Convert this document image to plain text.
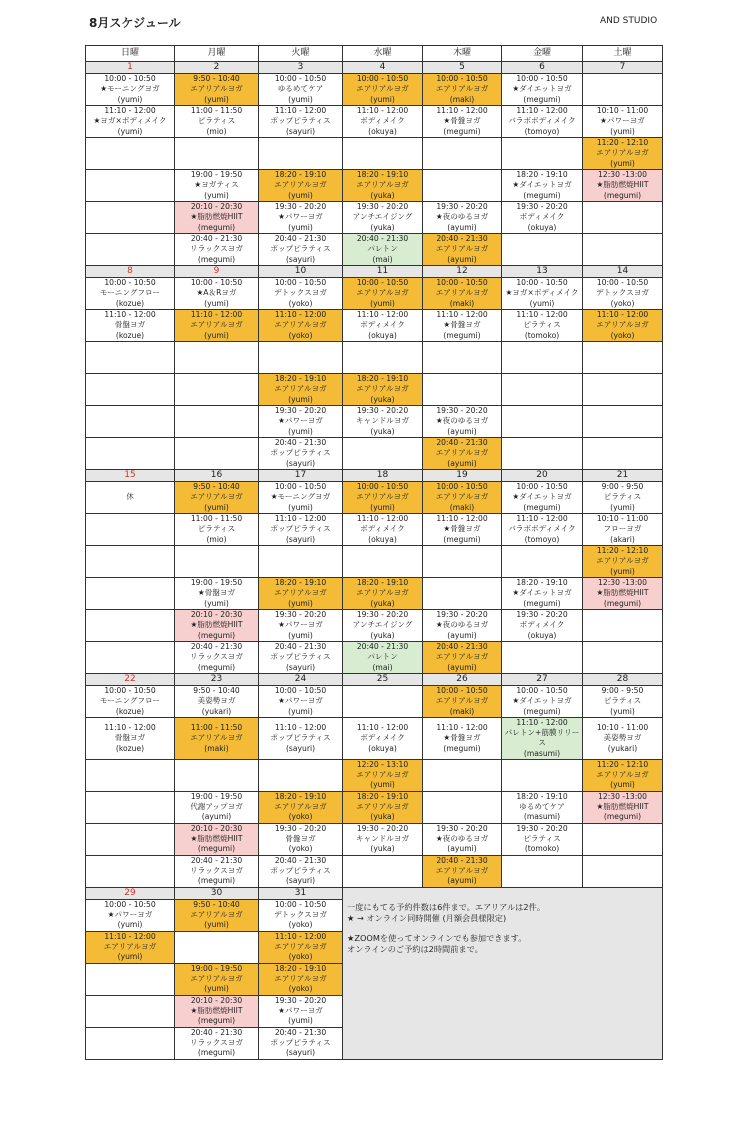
8月スケジュール	AND STUDIO
日曜	月曜	火曜	水曜	木曜	金曜	土曜
1	2	3	4	5	6	7

10:00 - 10:50
★モーニングヨガ
(yumi)	9:50 - 10:40
エアリアルヨガ
(yumi)	10:00 - 10:50
ゆるめてケア
(yumi)	10:00 - 10:50
エアリアルヨガ
(yumi)	10:00 - 10:50
エアリアルヨガ
(maki)	10:00 - 10:50
★ダイエットヨガ
(megumi)	

11:10 - 12:00
★ヨガ×ボディメイク
(yumi)	11:00 - 11:50
ピラティス
(mio)	11:10 - 12:00
ポップピラティス
(sayuri)	11:10 - 12:00
ボディメイク
(okuya)	11:10 - 12:00
★骨盤ヨガ
(megumi)	11:10 - 12:00
バラボボディメイク
(tomoyo)	10:10 - 11:00
★パワーヨガ
(yumi)

						11:20 - 12:10
エアリアルヨガ
(yumi)

	19:00 - 19:50
★ヨガティス
(yumi)	18:20 - 19:10
エアリアルヨガ
(yumi)	18:20 - 19:10
エアリアルヨガ
(yuka)		18:20 - 19:10
★ダイエットヨガ
(megumi)	12:30 -13:00
★脂肪燃焼HIIT
(megumi)

	20:10 - 20:30
★脂肪燃焼HIIT
(megumi)	19:30 - 20:20
★パワーヨガ
(yumi)	19:30 - 20:20
アンチエイジング
(yuka)	19:30 - 20:20
★夜のゆるヨガ
(ayumi)	19:30 - 20:20
ボディメイク
(okuya)	

	20:40 - 21:30
リラックスヨガ
(megumi)	20:40 - 21:30
ポップピラティス
(sayuri)	20:40 - 21:30
パレトン
(mai)	20:40 - 21:30
エアリアルヨガ
(ayumi)		

8	9	10	11	12	13	14

10:00 - 10:50
モーニングフロー
(kozue)	10:00 - 10:50
★A＆Rヨガ
(yumi)	10:00 - 10:50
デトックスヨガ
(yoko)	10:00 - 10:50
エアリアルヨガ
(yumi)	10:00 - 10:50
エアリアルヨガ
(maki)	10:00 - 10:50
★ヨガ×ボディメイク
(yumi)	10:00 - 10:50
デトックスヨガ
(yoko)

11:10 - 12:00
骨盤ヨガ
(kozue)	11:10 - 12:00
エアリアルヨガ
(yumi)	11:10 - 12:00
エアリアルヨガ
(yoko)	11:10 - 12:00
ボディメイク
(okuya)	11:10 - 12:00
★骨盤ヨガ
(megumi)	11:10 - 12:00
ピラティス
(tomoko)	11:10 - 12:00
エアリアルヨガ
(yoko)

		18:20 - 19:10
エアリアルヨガ
(yumi)	18:20 - 19:10
エアリアルヨガ
(yuka)			

		19:30 - 20:20
★パワーヨガ
(yumi)	19:30 - 20:20
キャンドルヨガ
(yuka)	19:30 - 20:20
★夜のゆるヨガ
(ayumi)		

		20:40 - 21:30
ポップピラティス
(sayuri)		20:40 - 21:30
エアリアルヨガ
(ayumi)		

15	16	17	18	19	20	21

休	9:50 - 10:40
エアリアルヨガ
(yumi)	10:00 - 10:50
★モーニングヨガ
(yumi)	10:00 - 10:50
エアリアルヨガ
(yumi)	10:00 - 10:50
エアリアルヨガ
(maki)	10:00 - 10:50
★ダイエットヨガ
(megumi)	9:00 - 9:50
ピラティス
(yumi)

	11:00 - 11:50
ピラティス
(mio)	11:10 - 12:00
ポップピラティス
(sayuri)	11:10 - 12:00
ボディメイク
(okuya)	11:10 - 12:00
★骨盤ヨガ
(megumi)	11:10 - 12:00
バラボボディメイク
(tomoyo)	10:10 - 11:00
フローヨガ
(akari)

						11:20 - 12:10
エアリアルヨガ
(yumi)

	19:00 - 19:50
★骨盤ヨガ
(yumi)	18:20 - 19:10
エアリアルヨガ
(yumi)	18:20 - 19:10
エアリアルヨガ
(yuka)		18:20 - 19:10
★ダイエットヨガ
(megumi)	12:30 -13:00
★脂肪燃焼HIIT
(megumi)

	20:10 - 20:30
★脂肪燃焼HIIT
(megumi)	19:30 - 20:20
★パワーヨガ
(yumi)	19:30 - 20:20
アンチエイジング
(yuka)	19:30 - 20:20
★夜のゆるヨガ
(ayumi)	19:30 - 20:20
ボディメイク
(okuya)	

	20:40 - 21:30
リラックスヨガ
(megumi)	20:40 - 21:30
ポップピラティス
(sayuri)	20:40 - 21:30
パレトン
(mai)	20:40 - 21:30
エアリアルヨガ
(ayumi)		

22	23	24	25	26	27	28

10:00 - 10:50
モーニングフロー
(kozue)	9:50 - 10:40
美姿勢ヨガ
(yukari)	10:00 - 10:50
★パワーヨガ
(yumi)		10:00 - 10:50
エアリアルヨガ
(maki)	10:00 - 10:50
★ダイエットヨガ
(megumi)	9:00 - 9:50
ピラティス
(yumi)

11:10 - 12:00
骨盤ヨガ
(kozue)	11:00 - 11:50
エアリアルヨガ
(maki)	11:10 - 12:00
ポップピラティス
(sayuri)	11:10 - 12:00
ボディメイク
(okuya)	11:10 - 12:00
★骨盤ヨガ
(megumi)	11:10 - 12:00
パレトン+筋膜リリース
(masumi)	10:10 - 11:00
美姿勢ヨガ
(yukari)

			12:20 - 13:10
エアリアルヨガ
(yumi)			11:20 - 12:10
エアリアルヨガ
(yumi)

	19:00 - 19:50
代謝アップヨガ
(ayumi)	18:20 - 19:10
エアリアルヨガ
(yoko)	18:20 - 19:10
エアリアルヨガ
(yuka)		18:20 - 19:10
ゆるめてケア
(masumi)	12:30 -13:00
★脂肪燃焼HIIT
(megumi)

	20:10 - 20:30
★脂肪燃焼HIIT
(megumi)	19:30 - 20:20
骨盤ヨガ
(yoko)	19:30 - 20:20
キャンドルヨガ
(yuka)	19:30 - 20:20
★夜のゆるヨガ
(ayumi)	19:30 - 20:20
ピラティス
(tomoko)	

	20:40 - 21:30
リラックスヨガ
(megumi)	20:40 - 21:30
ポップピラティス
(sayuri)		20:40 - 21:30
エアリアルヨガ
(ayumi)		

29	30	31	一度にもてる予約件数は6件まで。エアリアルは2件。
★ → オンライン同時開催 (月額会員様限定)
★ZOOMを使ってオンラインでも参加できます。
オンラインのご予約は2時間前まで。			

10:00 - 10:50
★パワーヨガ
(yumi)	9:50 - 10:40
エアリアルヨガ
(yumi)	10:00 - 10:50
デトックスヨガ
(yoko)				

11:10 - 12:00
エアリアルヨガ
(yumi)		11:10 - 12:00
エアリアルヨガ
(yoko)				

	19:00 - 19:50
エアリアルヨガ
(yumi)	18:20 - 19:10
エアリアルヨガ
(yoko)				

	20:10 - 20:30
★脂肪燃焼HIIT
(megumi)	19:30 - 20:20
★パワーヨガ
(yumi)				

	20:40 - 21:30
リラックスヨガ
(megumi)	20:40 - 21:30
ポップピラティス
(sayuri)				
